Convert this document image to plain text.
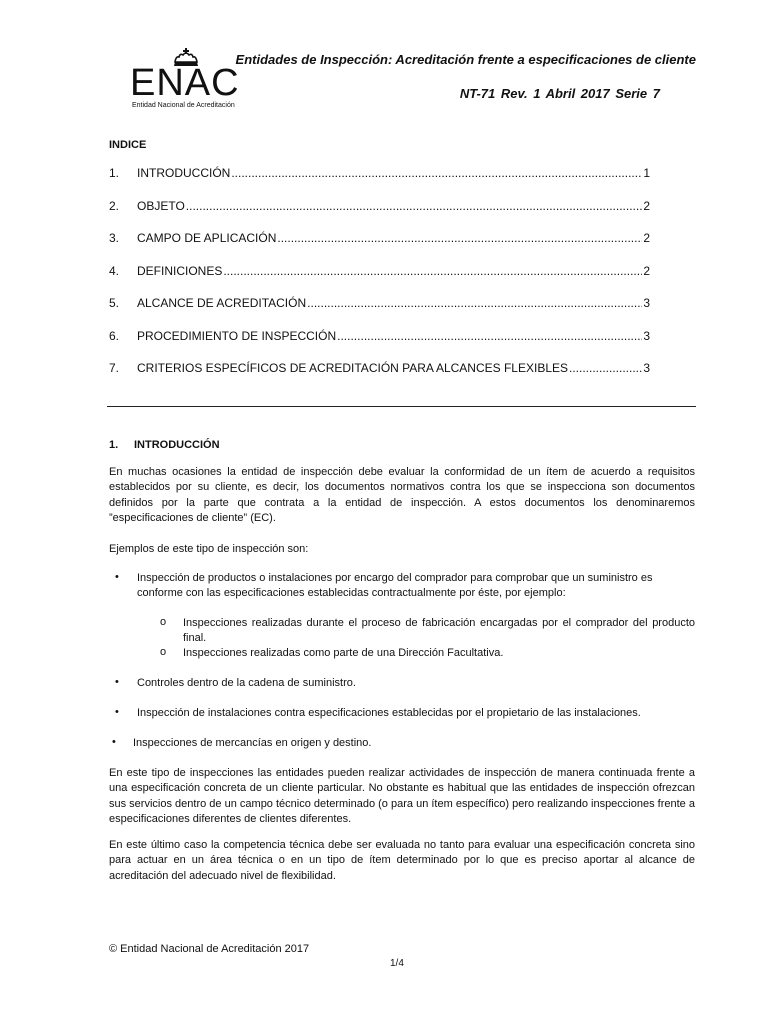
ENAC
Entidad Nacional de Acreditación
Entidades de Inspección: Acreditación frente a especificaciones de cliente
NT-71 Rev. 1 Abril 2017 Serie 7
INDICE
1.	INTRODUCCIÓN .....	1
2.	OBJETO .....	2
3.	CAMPO DE APLICACIÓN .....	2
4.	DEFINICIONES .....	2
5.	ALCANCE DE ACREDITACIÓN .....	3
6.	PROCEDIMIENTO DE INSPECCIÓN .....	3
7.	CRITERIOS ESPECÍFICOS DE ACREDITACIÓN PARA ALCANCES FLEXIBLES .....	3
1. INTRODUCCIÓN
En muchas ocasiones la entidad de inspección debe evaluar la conformidad de un ítem de acuerdo a requisitos establecidos por su cliente, es decir, los documentos normativos contra los que se inspecciona son documentos definidos por la parte que contrata a la entidad de inspección. A estos documentos los denominaremos ”especificaciones de cliente” (EC).
Ejemplos de este tipo de inspección son:
• Inspección de productos o instalaciones por encargo del comprador para comprobar que un suministro es conforme con las especificaciones establecidas contractualmente por éste, por ejemplo:
o Inspecciones realizadas durante el proceso de fabricación encargadas por el comprador del producto final.
o Inspecciones realizadas como parte de una Dirección Facultativa.
• Controles dentro de la cadena de suministro.
• Inspección de instalaciones contra especificaciones establecidas por el propietario de las instalaciones.
• Inspecciones de mercancías en origen y destino.
En este tipo de inspecciones las entidades pueden realizar actividades de inspección de manera continuada frente a una especificación concreta de un cliente particular. No obstante es habitual que las entidades de inspección ofrezcan sus servicios dentro de un campo técnico determinado (o para un ítem específico) pero realizando inspecciones frente a especificaciones diferentes de clientes diferentes.
En este último caso la competencia técnica debe ser evaluada no tanto para evaluar una especificación concreta sino para actuar en un área técnica o en un tipo de ítem determinado por lo que es preciso aportar al alcance de acreditación del adecuado nivel de flexibilidad.
© Entidad Nacional de Acreditación 2017
1/4
